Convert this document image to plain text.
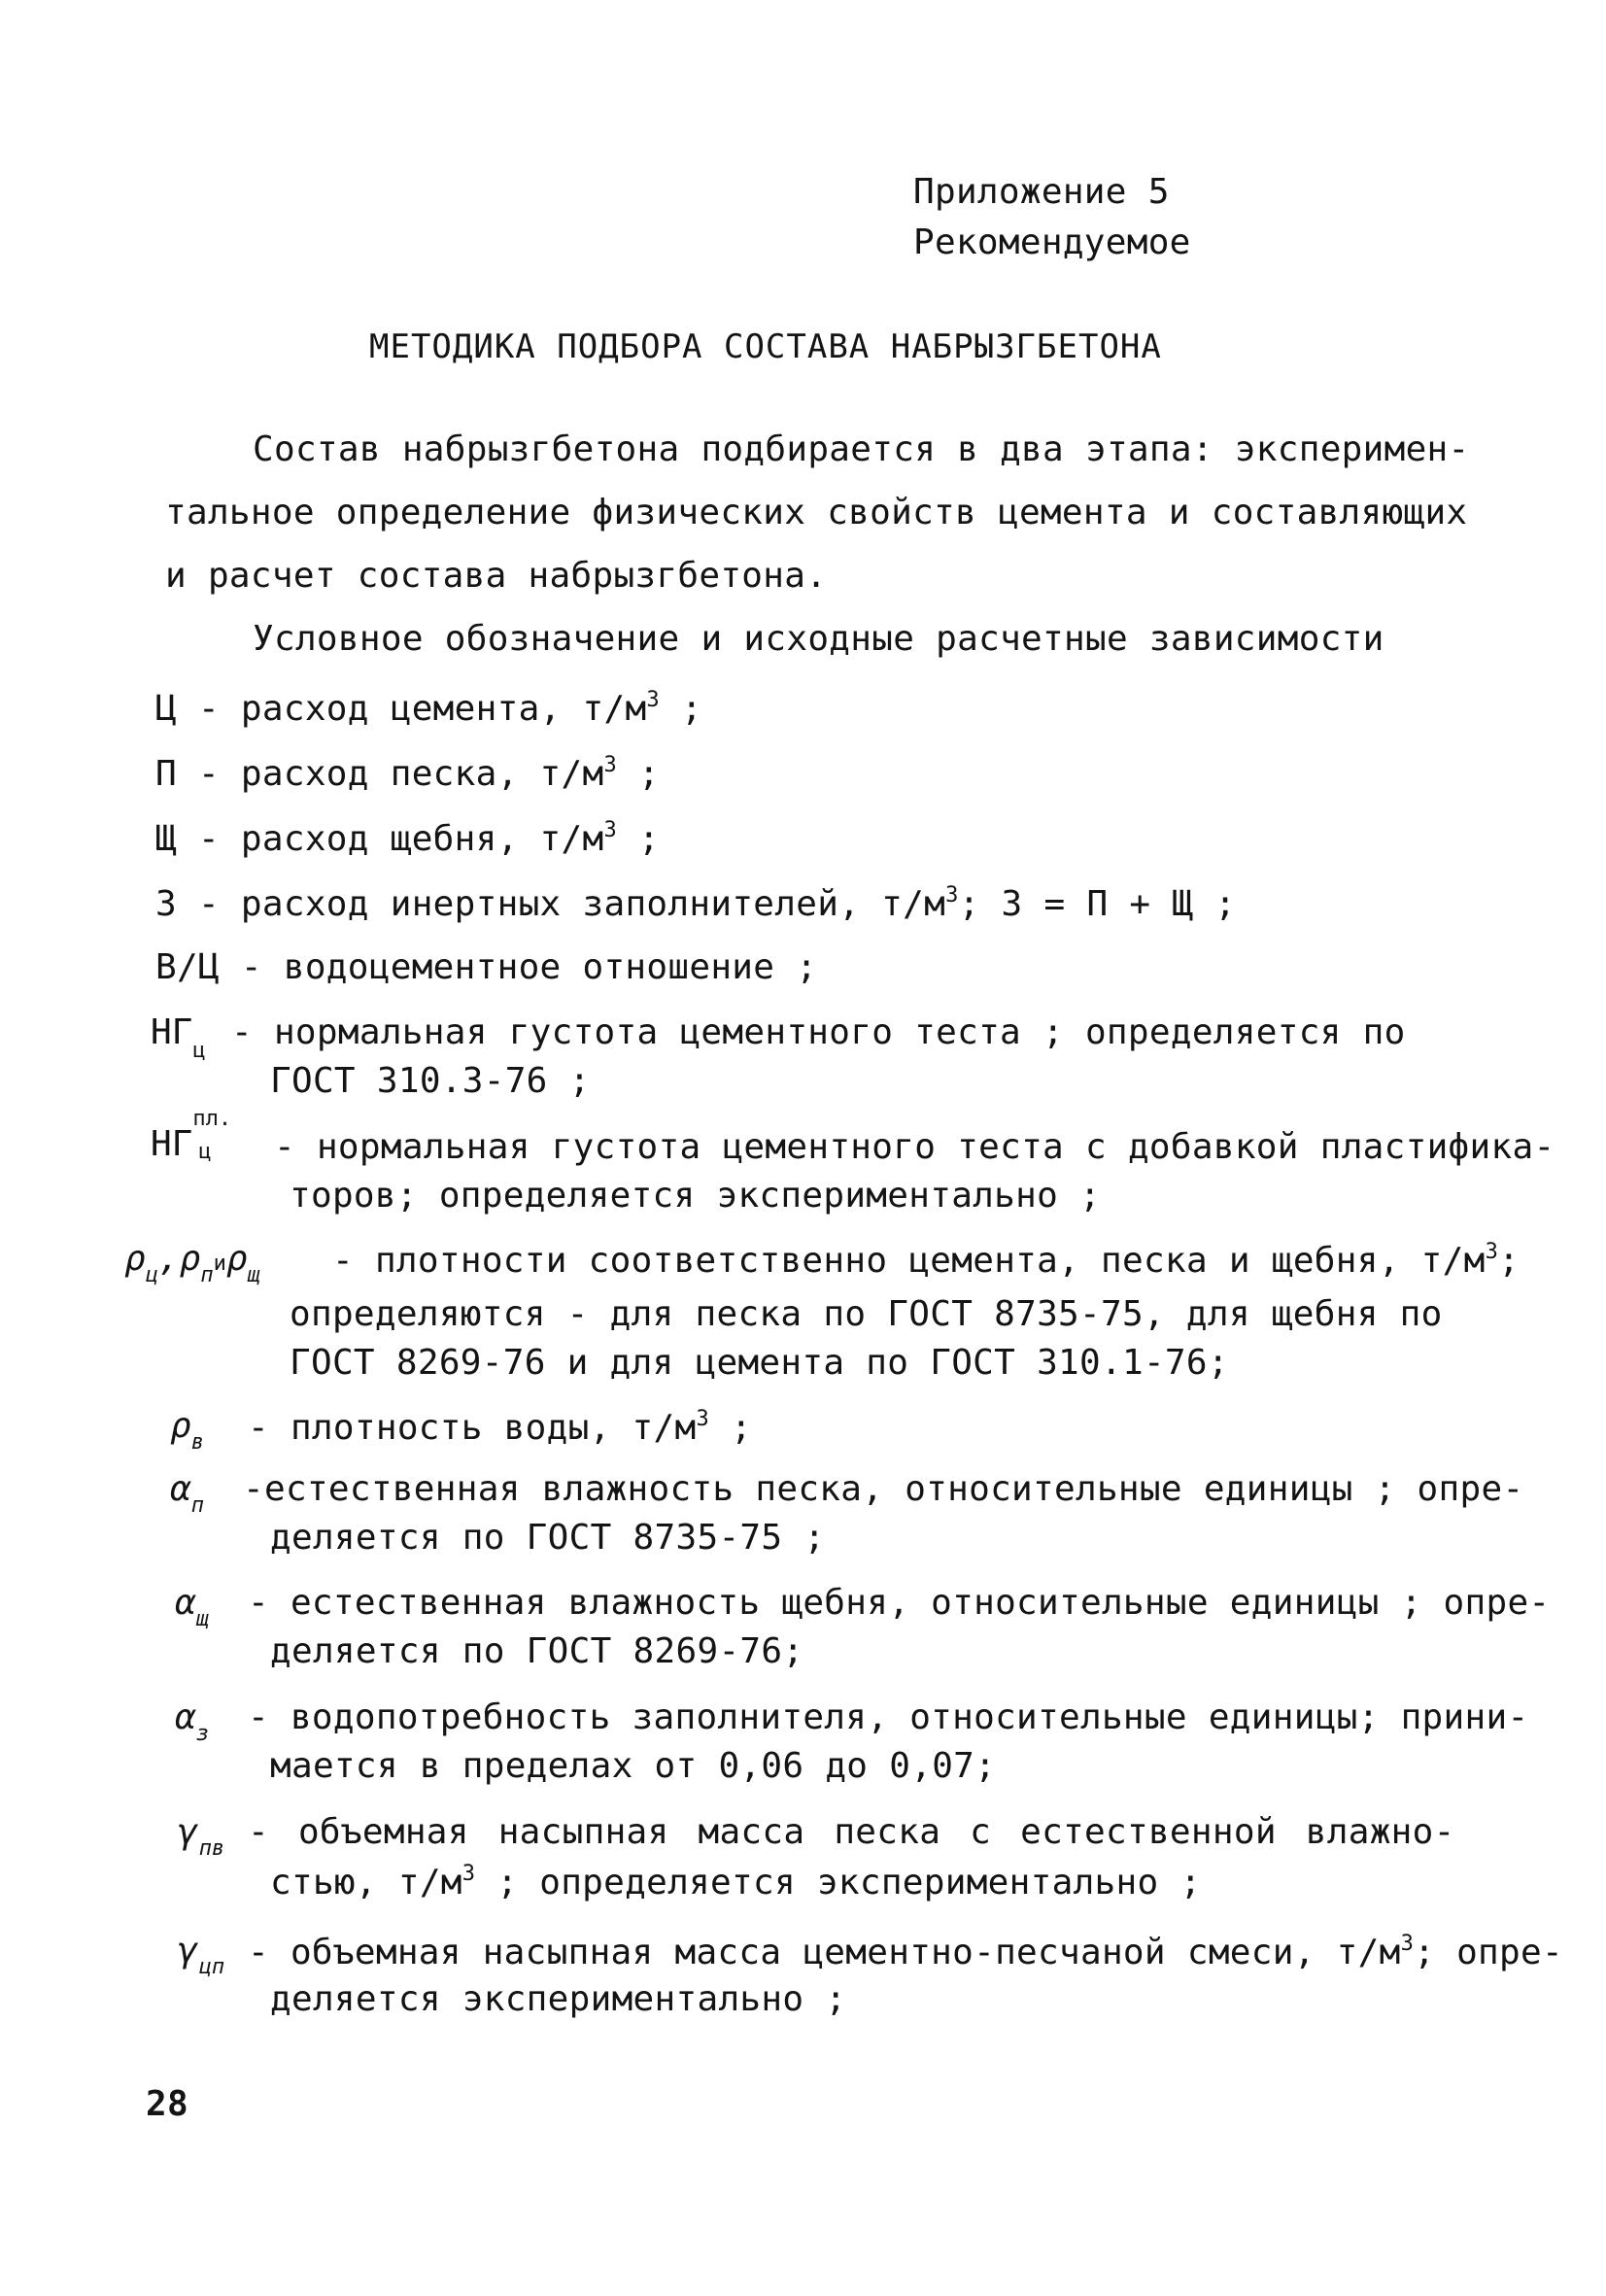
Приложение 5
Рекомендуемое
МЕТОДИКА ПОДБОРА СОСТАВА НАБРЫЗГБЕТОНА
Состав набрызгбетона подбирается в два этапа: эксперимен-
тальное определение физических свойств цемента и составляющих
и расчет состава набрызгбетона.
Условное обозначение и исходные расчетные зависимости
Ц - расход цемента, $т/м^3$ ;
П - расход песка, $т/м^3$ ;
Щ - расход щебня, $т/м^3$ ;
З - расход инертных заполнителей, $т/м^3$; З = П + Щ ;
В/Ц - водоцементное отношение ;
$НГ_ц$ - нормальная густота цементного теста ; определяется по
ГОСТ 310.3-76 ;
НГ
пл.
ц - нормальная густота цементного теста с добавкой пластифика-
торов; определяется экспериментально ;
$\rho_ц,\rho_пи\rho_щ$ - плотности соответственно цемента, песка и щебня, $т/м^3$;
определяются - для песка по ГОСТ 8735-75, для щебня по
ГОСТ 8269-76 и для цемента по ГОСТ 310.1-76;
$\rho_в$ - плотность воды, $т/м^3$ ;
$\alpha_п$ -естественная влажность песка, относительные единицы ; опре-
деляется по ГОСТ 8735-75 ;
$\alpha_щ$ - естественная влажность щебня, относительные единицы ; опре-
деляется по ГОСТ 8269-76;
$\alpha_з$ - водопотребность заполнителя, относительные единицы; прини-
мается в пределах от 0,06 до 0,07;
$\gamma_{пв}$ - объемная насыпная масса песка с естественной влажно-
стью, $т/м^3$ ; определяется экспериментально ;
$\gamma_{цп}$ - объемная насыпная масса цементно-песчаной смеси, $т/м^3$; опре-
деляется экспериментально ;
28
